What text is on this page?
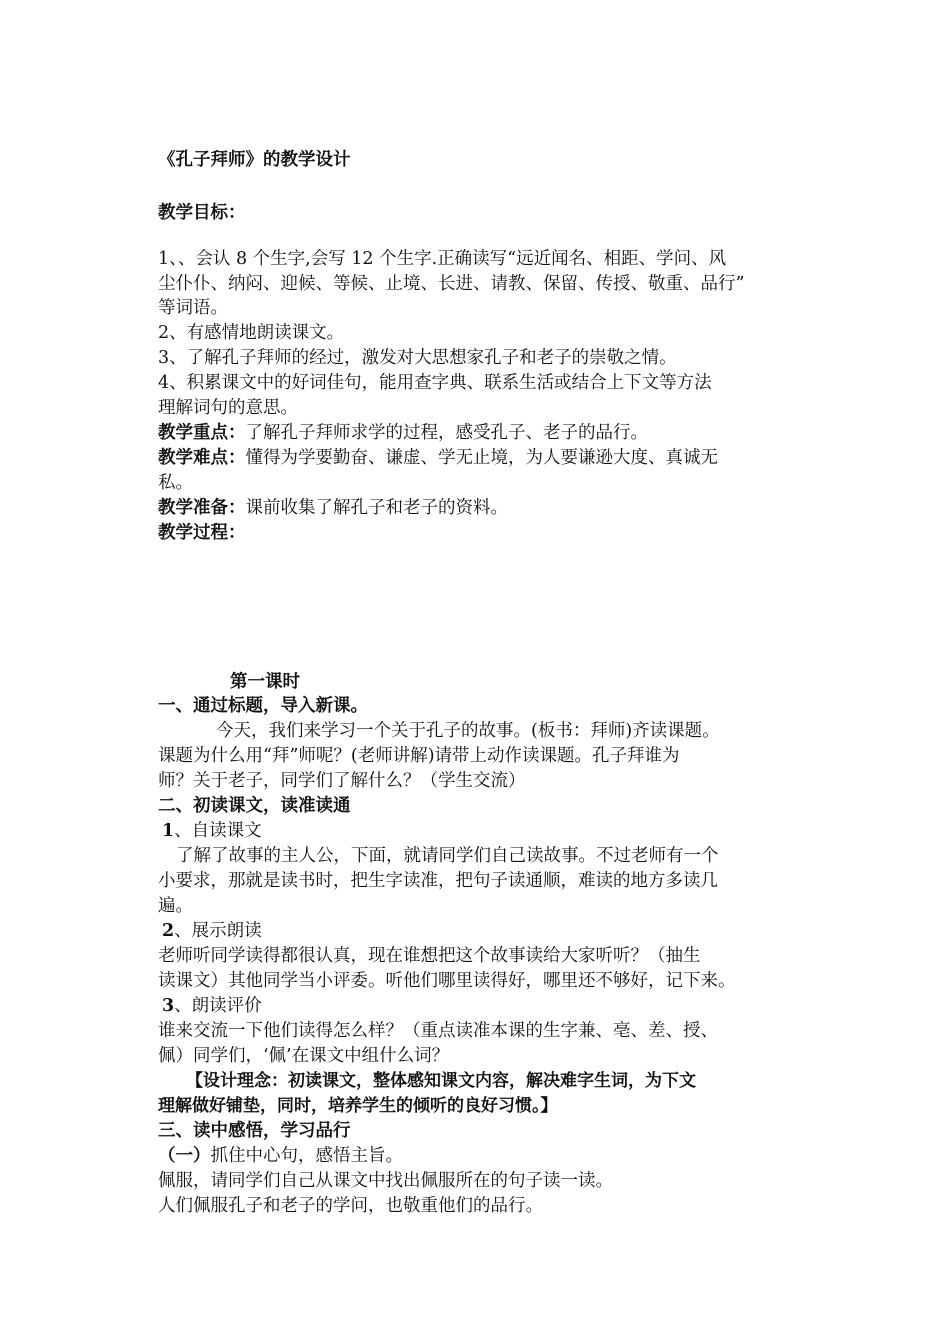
《孔子拜师》的教学设计
教学目标：
1、、会认 8 个生字,会写 12 个生字.正确读写“远近闻名、相距、学问、风
尘仆仆、纳闷、迎候、等候、止境、长进、请教、保留、传授、敬重、品行”
等词语。
2、有感情地朗读课文。
3、了解孔子拜师的经过，激发对大思想家孔子和老子的崇敬之情。
4、积累课文中的好词佳句，能用查字典、联系生活或结合上下文等方法
理解词句的意思。
教学重点：了解孔子拜师求学的过程，感受孔子、老子的品行。
教学难点：懂得为学要勤奋、谦虚、学无止境，为人要谦逊大度、真诚无
私。
教学准备：课前收集了解孔子和老子的资料。
教学过程：
第一课时
一、通过标题，导入新课。
今天，我们来学习一个关于孔子的故事。(板书：拜师)齐读课题。
课题为什么用“拜”师呢？(老师讲解)请带上动作读课题。孔子拜谁为
师？关于老子，同学们了解什么？（学生交流）
二、初读课文，读准读通
1、自读课文
了解了故事的主人公，下面，就请同学们自己读故事。不过老师有一个
小要求，那就是读书时，把生字读准，把句子读通顺，难读的地方多读几
遍。
2、展示朗读
老师听同学读得都很认真，现在谁想把这个故事读给大家听听？（抽生
读课文）其他同学当小评委。听他们哪里读得好，哪里还不够好，记下来。
3、朗读评价
谁来交流一下他们读得怎么样？（重点读准本课的生字兼、亳、差、授、
佩）同学们，‘佩’在课文中组什么词？
【设计理念：初读课文，整体感知课文内容，解决难字生词，为下文
理解做好铺垫，同时，培养学生的倾听的良好习惯。】
三、读中感悟，学习品行
（一）抓住中心句，感悟主旨。
佩服，请同学们自己从课文中找出佩服所在的句子读一读。
人们佩服孔子和老子的学问，也敬重他们的品行。
